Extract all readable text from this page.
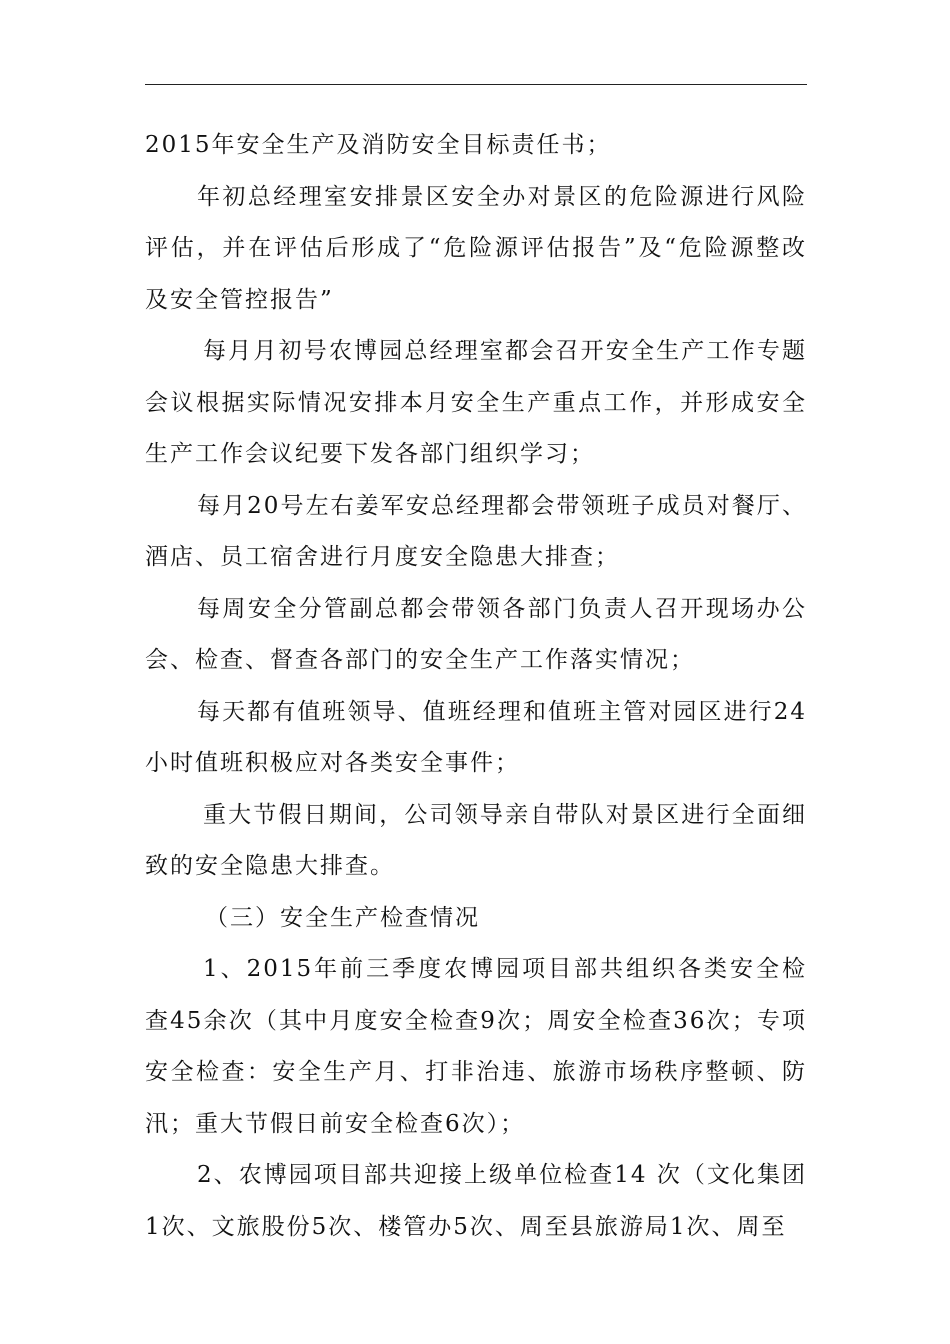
2015年安全生产及消防安全目标责任书；

年初总经理室安排景区安全办对景区的危险源进行风险评估，并在评估后形成了“危险源评估报告”及“危险源整改及安全管控报告”

每月月初号农博园总经理室都会召开安全生产工作专题会议根据实际情况安排本月安全生产重点工作，并形成安全生产工作会议纪要下发各部门组织学习；

每月20号左右姜军安总经理都会带领班子成员对餐厅、酒店、员工宿舍进行月度安全隐患大排查；

每周安全分管副总都会带领各部门负责人召开现场办公会、检查、督查各部门的安全生产工作落实情况；

每天都有值班领导、值班经理和值班主管对园区进行24小时值班积极应对各类安全事件；

重大节假日期间，公司领导亲自带队对景区进行全面细致的安全隐患大排查。

（三）安全生产检查情况

1、2015年前三季度农博园项目部共组织各类安全检查45余次（其中月度安全检查9次；周安全检查36次；专项安全检查：安全生产月、打非治违、旅游市场秩序整顿、防汛；重大节假日前安全检查6次）；

2、农博园项目部共迎接上级单位检查14 次（文化集团1次、文旅股份5次、楼管办5次、周至县旅游局1次、周至
